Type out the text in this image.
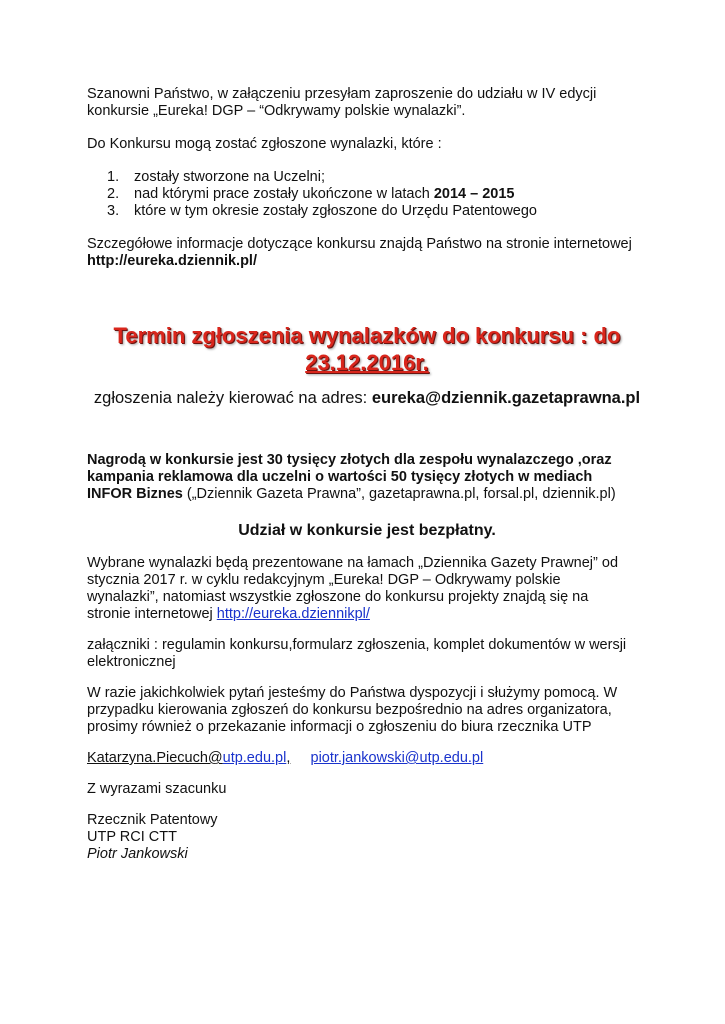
Szanowni Państwo, w załączeniu przesyłam zaproszenie do udziału w IV edycji

konkursie „Eureka! DGP – “Odkrywamy polskie wynalazki”.

Do Konkursu mogą zostać zgłoszone wynalazki, które :

1.	zostały stworzone na Uczelni;
2.	nad którymi prace zostały ukończone w latach 2014 – 2015
3.	które w tym okresie zostały zgłoszone do Urzędu Patentowego

Szczegółowe informacje dotyczące konkursu znajdą Państwo na stronie internetowej

http://eureka.dziennik.pl/

Termin zgłoszenia wynalazków do konkursu : do
23.12.2016r.
zgłoszenia należy kierować na adres: eureka@dziennik.gazetaprawna.pl

Nagrodą w konkursie jest 30 tysięcy złotych dla zespołu wynalazczego ,oraz

kampania reklamowa dla uczelni o wartości 50 tysięcy złotych w mediach

INFOR Biznes („Dziennik Gazeta Prawna”, gazetaprawna.pl, forsal.pl, dziennik.pl)

Udział w konkursie jest bezpłatny.

Wybrane wynalazki będą prezentowane na łamach „Dziennika Gazety Prawnej” od

stycznia 2017 r. w cyklu redakcyjnym „Eureka! DGP – Odkrywamy polskie

wynalazki”, natomiast wszystkie zgłoszone do konkursu projekty znajdą się na

stronie internetowej http://eureka.dziennikpl/

załączniki : regulamin konkursu,formularz zgłoszenia, komplet dokumentów w wersji

elektronicznej

W razie jakichkolwiek pytań jesteśmy do Państwa dyspozycji i służymy pomocą. W

przypadku kierowania zgłoszeń do konkursu bezpośrednio na adres organizatora,

prosimy również o przekazanie informacji o zgłoszeniu do biura rzecznika UTP

Katarzyna.Piecuch@utp.edu.pl, piotr.jankowski@utp.edu.pl

Z wyrazami szacunku

Rzecznik Patentowy

UTP RCI CTT

Piotr Jankowski
